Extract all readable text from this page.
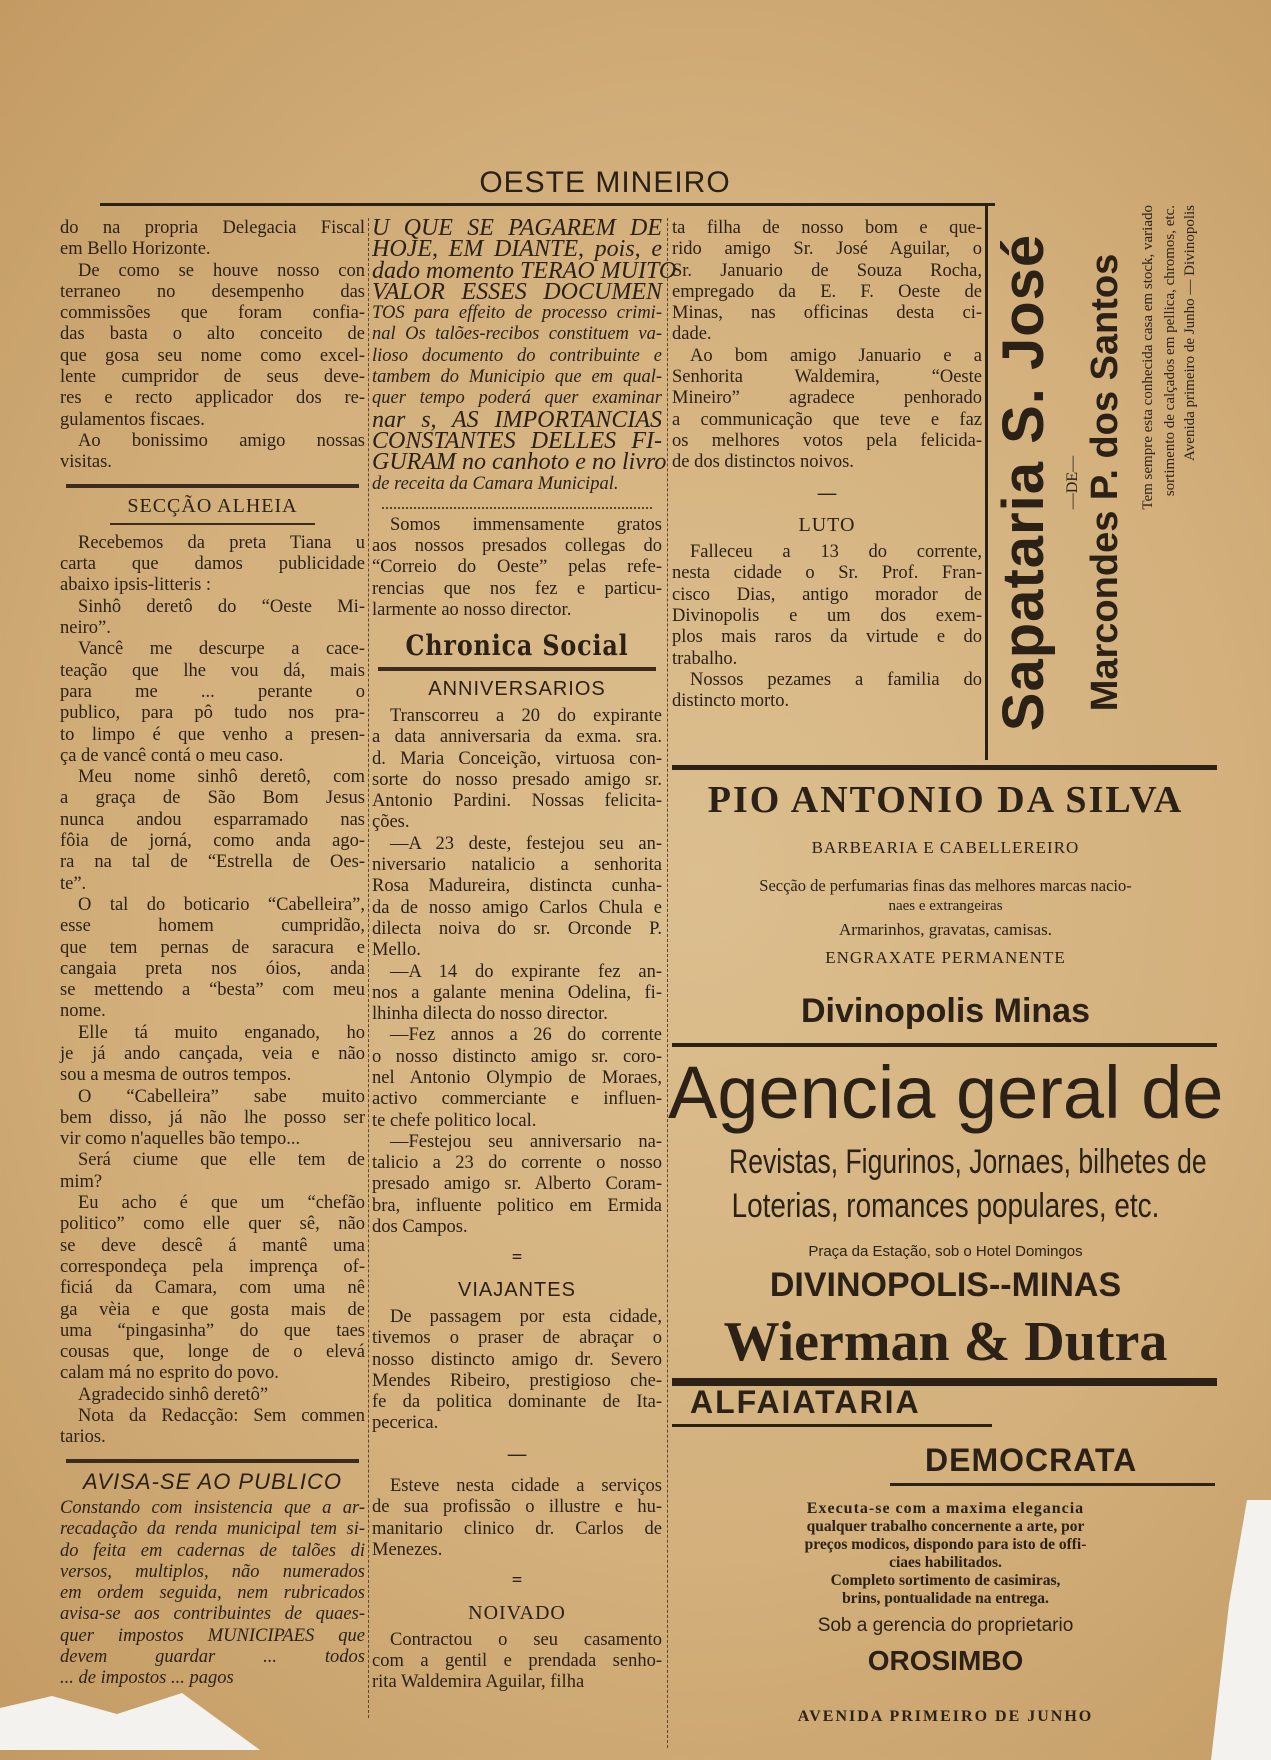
OESTE MINEIRO
do na propria Delegacia Fiscal
em Bello Horizonte.
De como se houve nosso con
terraneo no desempenho das
commissões que foram confia-
das basta o alto conceito de
que gosa seu nome como excel-
lente cumpridor de seus deve-
res e recto applicador dos re-
gulamentos fiscaes.
Ao bonissimo amigo nossas
visitas.
SECÇÃO ALHEIA
Recebemos da preta Tiana u
carta que damos publicidade
abaixo ipsis-litteris :
Sinhô deretô do “Oeste Mi-
neiro”.
Vancê me descurpe a cace-
teação que lhe vou dá, mais
para me ... perante o
publico, para pô tudo nos pra-
to limpo é que venho a presen-
ça de vancê contá o meu caso.
Meu nome sinhô deretô, com
a graça de São Bom Jesus
nunca andou esparramado nas
fôia de jorná, como anda ago-
ra na tal de “Estrella de Oes-
te”.
O tal do boticario “Cabelleira”,
esse homem cumpridão,
que tem pernas de saracura e
cangaia preta nos óios, anda
se mettendo a “besta” com meu
nome.
Elle tá muito enganado, ho
je já ando cançada, veia e não
sou a mesma de outros tempos.
O “Cabelleira” sabe muito
bem disso, já não lhe posso ser
vir como n'aquelles bão tempo...
Será ciume que elle tem de
mim?
Eu acho é que um “chefão
politico” como elle quer sê, não
se deve descê á mantê uma
correspondeça pela imprença of-
ficiá da Camara, com uma nê
ga vèia e que gosta mais de
uma “pingasinha” do que taes
cousas que, longe de o elevá
calam má no esprito do povo.
Agradecido sinhô deretô”
Nota da Redacção: Sem commen
tarios.
AVISA-SE AO PUBLICO
Constando com insistencia que a ar-
recadação da renda municipal tem si-
do feita em cadernas de talões di
versos, multiplos, não numerados
em ordem seguida, nem rubricados
avisa-se aos contribuintes de quaes-
quer impostos MUNICIPAES que
devem guardar ... todos
... de impostos ... pagos
U QUE SE PAGAREM DE
HOJE, EM DIANTE, pois, e
dado momento TERAO MUITO
VALOR ESSES DOCUMEN
TOS para effeito de processo crimi-
nal Os talões-recibos constituem va-
lioso documento do contribuinte e
tambem do Municipio que em qual-
quer tempo poderá quer examinar
nar s, AS IMPORTANCIAS
CONSTANTES DELLES FI-
GURAM no canhoto e no livro
de receita da Camara Municipal.
Somos immensamente gratos
aos nossos presados collegas do
“Correio do Oeste” pelas refe-
rencias que nos fez e particu-
larmente ao nosso director.
Chronica Social
ANNIVERSARIOS
Transcorreu a 20 do expirante
a data anniversaria da exma. sra.
d. Maria Conceição, virtuosa con-
sorte do nosso presado amigo sr.
Antonio Pardini. Nossas felicita-
ções.
—A 23 deste, festejou seu an-
niversario natalicio a senhorita
Rosa Madureira, distincta cunha-
da de nosso amigo Carlos Chula e
dilecta noiva do sr. Orconde P.
Mello.
—A 14 do expirante fez an-
nos a galante menina Odelina, fi-
lhinha dilecta do nosso director.
—Fez annos a 26 do corrente
o nosso distincto amigo sr. coro-
nel Antonio Olympio de Moraes,
activo commerciante e influen-
te chefe politico local.
—Festejou seu anniversario na-
talicio a 23 do corrente o nosso
presado amigo sr. Alberto Coram-
bra, influente politico em Ermida
dos Campos.
=
VIAJANTES
De passagem por esta cidade,
tivemos o praser de abraçar o
nosso distincto amigo dr. Severo
Mendes Ribeiro, prestigioso che-
fe da politica dominante de Ita-
pecerica.
—
Esteve nesta cidade a serviços
de sua profissão o illustre e hu-
manitario clinico dr. Carlos de
Menezes.
=
NOIVADO
Contractou o seu casamento
com a gentil e prendada senho-
rita Waldemira Aguilar, filha
ta filha de nosso bom e que-
rido amigo Sr. José Aguilar, o
Sr. Januario de Souza Rocha,
empregado da E. F. Oeste de
Minas, nas officinas desta ci-
dade.
Ao bom amigo Januario e a
Senhorita Waldemira, “Oeste
Mineiro” agradece penhorado
a communicação que teve e faz
os melhores votos pela felicida-
de dos distinctos noivos.
—
LUTO
Falleceu a 13 do corrente,
nesta cidade o Sr. Prof. Fran-
cisco Dias, antigo morador de
Divinopolis e um dos exem-
plos mais raros da virtude e do
trabalho.
Nossos pezames a familia do
distincto morto.	Sapataria S. José —DE— Marcondes P. dos Santos Tem sempre esta conhecida casa em stock, variado sortimento de calçados em pellica, chromos, etc. Avenida primeiro de Junho — Divinopolis
PIO ANTONIO DA SILVA
BARBEARIA E CABELLEREIRO
Secção de perfumarias finas das melhores marcas nacio-
naes e extrangeiras
Armarinhos, gravatas, camisas.
ENGRAXATE PERMANENTE
Divinopolis Minas
Agencia geral de
Revistas, Figurinos, Jornaes, bilhetes de
Loterias, romances populares, etc.
Praça da Estação, sob o Hotel Domingos
DIVINOPOLIS--MINAS
Wierman & Dutra
ALFAIATARIA
DEMOCRATA
Executa-se com a maxima elegancia
qualquer trabalho concernente a arte, por
preços modicos, dispondo para isto de offi-
ciaes habilitados.
Completo sortimento de casimiras,
brins, pontualidade na entrega.
Sob a gerencia do proprietario
OROSIMBO
AVENIDA PRIMEIRO DE JUNHO
